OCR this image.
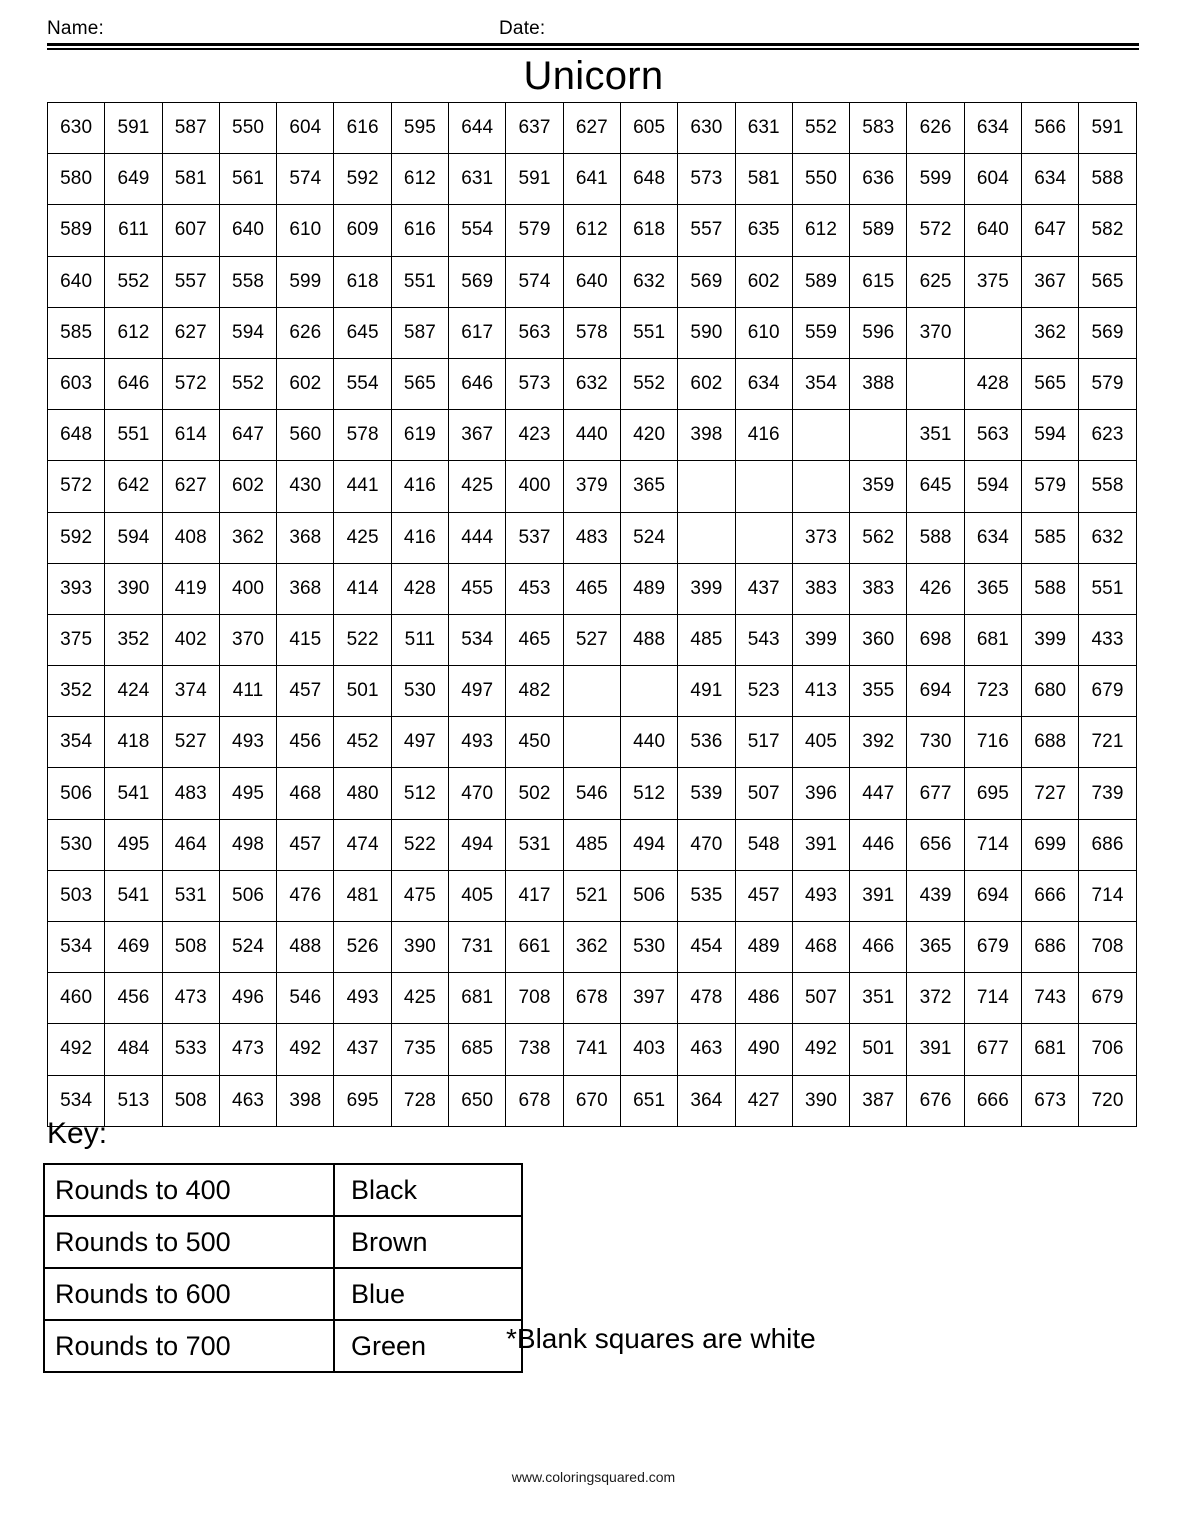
Name:	Date:
Unicorn
630	591	587	550	604	616	595	644	637	627	605	630	631	552	583	626	634	566	591
580	649	581	561	574	592	612	631	591	641	648	573	581	550	636	599	604	634	588
589	611	607	640	610	609	616	554	579	612	618	557	635	612	589	572	640	647	582
640	552	557	558	599	618	551	569	574	640	632	569	602	589	615	625	375	367	565
585	612	627	594	626	645	587	617	563	578	551	590	610	559	596	370		362	569
603	646	572	552	602	554	565	646	573	632	552	602	634	354	388		428	565	579
648	551	614	647	560	578	619	367	423	440	420	398	416			351	563	594	623
572	642	627	602	430	441	416	425	400	379	365				359	645	594	579	558
592	594	408	362	368	425	416	444	537	483	524			373	562	588	634	585	632
393	390	419	400	368	414	428	455	453	465	489	399	437	383	383	426	365	588	551
375	352	402	370	415	522	511	534	465	527	488	485	543	399	360	698	681	399	433
352	424	374	411	457	501	530	497	482			491	523	413	355	694	723	680	679
354	418	527	493	456	452	497	493	450		440	536	517	405	392	730	716	688	721
506	541	483	495	468	480	512	470	502	546	512	539	507	396	447	677	695	727	739
530	495	464	498	457	474	522	494	531	485	494	470	548	391	446	656	714	699	686
503	541	531	506	476	481	475	405	417	521	506	535	457	493	391	439	694	666	714
534	469	508	524	488	526	390	731	661	362	530	454	489	468	466	365	679	686	708
460	456	473	496	546	493	425	681	708	678	397	478	486	507	351	372	714	743	679
492	484	533	473	492	437	735	685	738	741	403	463	490	492	501	391	677	681	706
534	513	508	463	398	695	728	650	678	670	651	364	427	390	387	676	666	673	720
Key:
Rounds to 400	Black
Rounds to 500	Brown
Rounds to 600	Blue
Rounds to 700	Green	*Blank squares are white
www.coloringsquared.com
